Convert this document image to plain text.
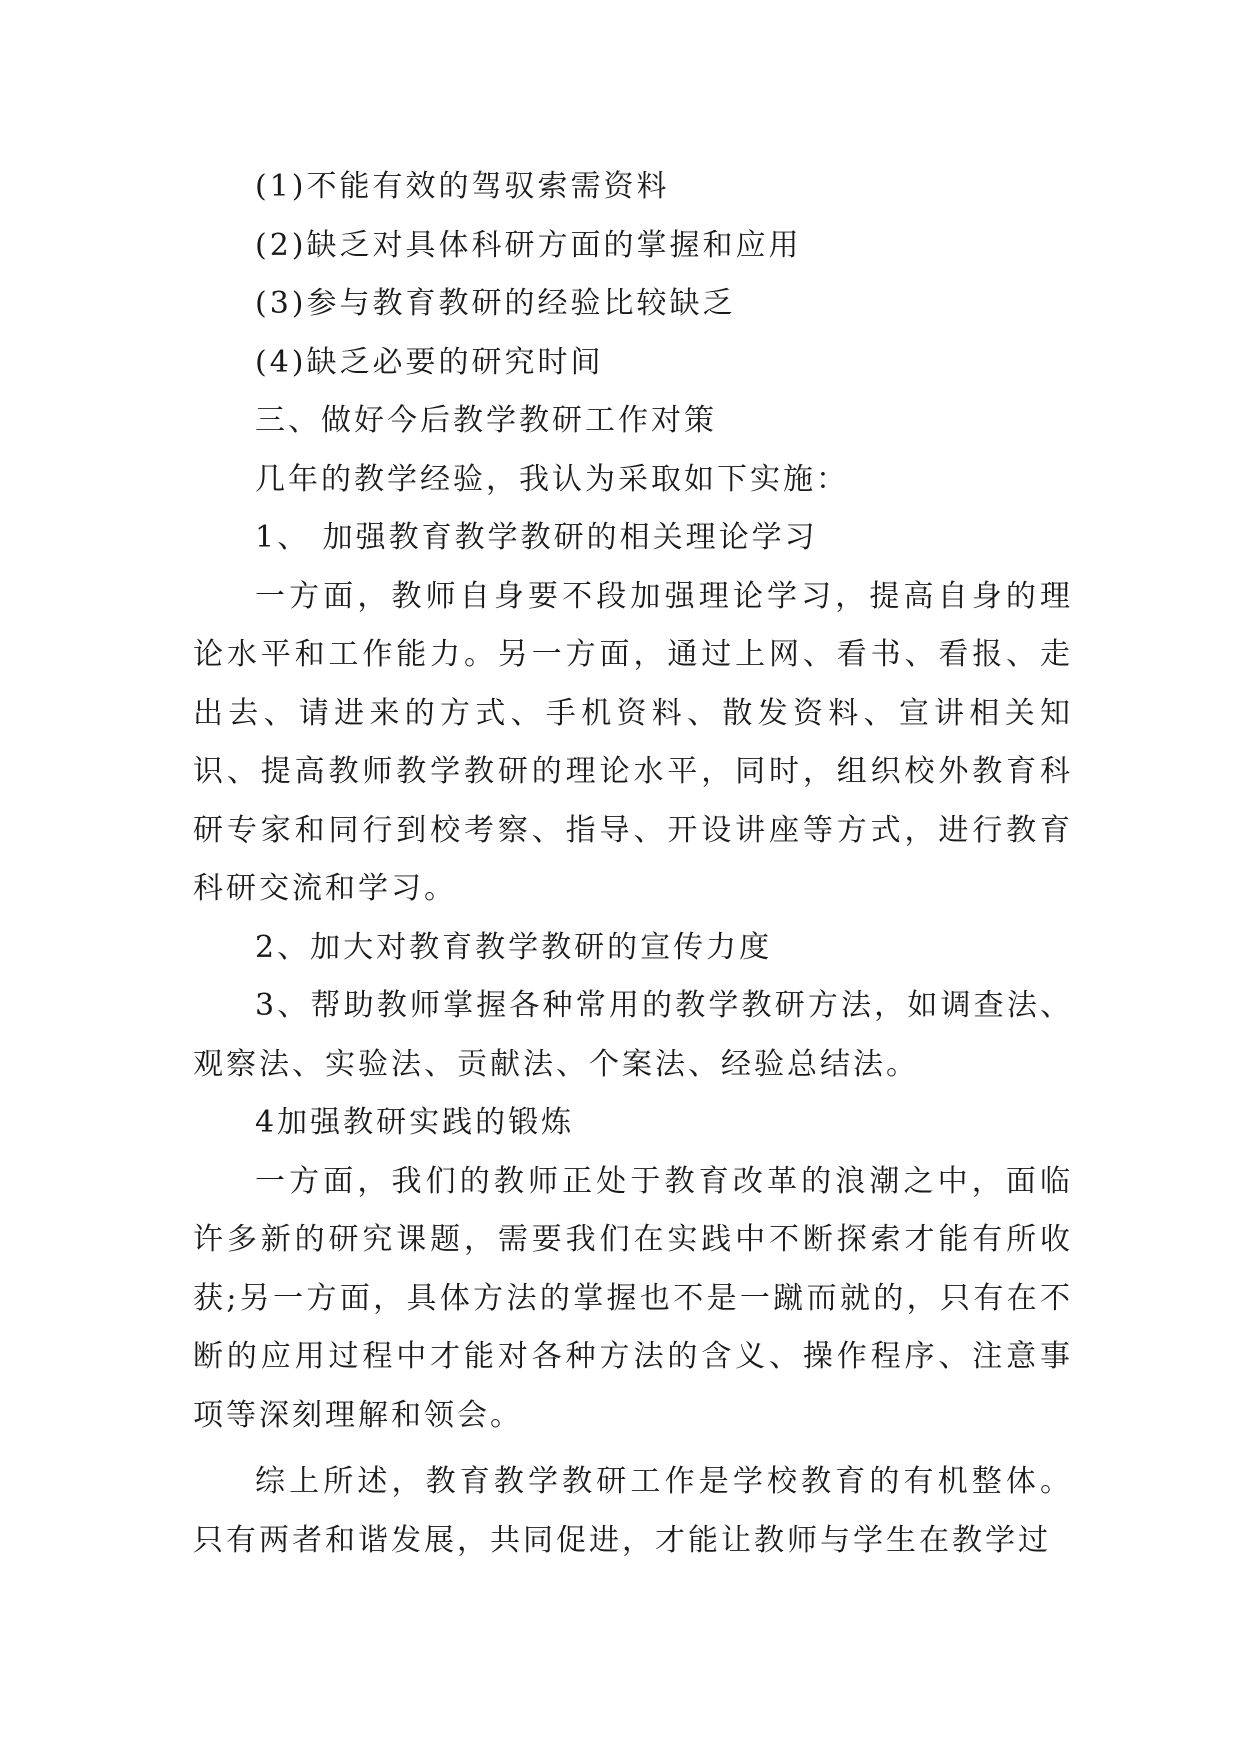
(1)不能有效的驾驭索需资料

(2)缺乏对具体科研方面的掌握和应用

(3)参与教育教研的经验比较缺乏

(4)缺乏必要的研究时间

三、做好今后教学教研工作对策

几年的教学经验，我认为采取如下实施：

1、 加强教育教学教研的相关理论学习

一方面，教师自身要不段加强理论学习，提高自身的理论水平和工作能力。另一方面，通过上网、看书、看报、走出去、请进来的方式、手机资料、散发资料、宣讲相关知识、提高教师教学教研的理论水平，同时，组织校外教育科研专家和同行到校考察、指导、开设讲座等方式，进行教育科研交流和学习。

2、加大对教育教学教研的宣传力度

3、帮助教师掌握各种常用的教学教研方法，如调查法、观察法、实验法、贡献法、个案法、经验总结法。

4加强教研实践的锻炼

一方面，我们的教师正处于教育改革的浪潮之中，面临许多新的研究课题，需要我们在实践中不断探索才能有所收获;另一方面，具体方法的掌握也不是一蹴而就的，只有在不断的应用过程中才能对各种方法的含义、操作程序、注意事项等深刻理解和领会。

综上所述，教育教学教研工作是学校教育的有机整体。只有两者和谐发展，共同促进，才能让教师与学生在教学过
